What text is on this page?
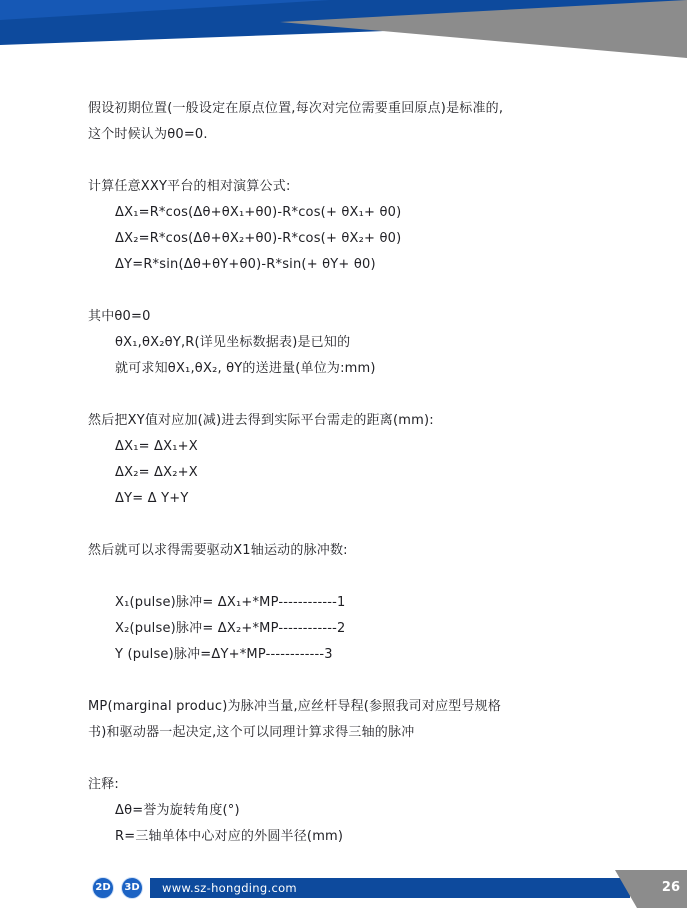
假设初期位置(一般设定在原点位置,每次对完位需要重回原点)是标准的,
这个时候认为θ0=0.
计算任意XXY平台的相对演算公式:
ΔX₁=R*cos(Δθ+θX₁+θ0)-R*cos(+ θX₁+ θ0)
ΔX₂=R*cos(Δθ+θX₂+θ0)-R*cos(+ θX₂+ θ0)
ΔY=R*sin(Δθ+θY+θ0)-R*sin(+ θY+ θ0)
其中θ0=0
θX₁,θX₂θY,R(详见坐标数据表)是已知的
就可求知θX₁,θX₂, θY的送进量(单位为:mm)
然后把XY值对应加(减)进去得到实际平台需走的距离(mm):
ΔX₁= ΔX₁+X
ΔX₂= ΔX₂+X
ΔY= Δ Y+Y
然后就可以求得需要驱动X1轴运动的脉冲数:
X₁(pulse)脉冲= ΔX₁+*MP------------1
X₂(pulse)脉冲= ΔX₂+*MP------------2
Y (pulse)脉冲=ΔY+*MP------------3
MP(marginal produc)为脉冲当量,应丝杆导程(参照我司对应型号规格
书)和驱动器一起决定,这个可以同理计算求得三轴的脉冲
注释:
Δθ=誉为旋转角度(°)
R=三轴单体中心对应的外圆半径(mm)
2D	3D www.sz-hongding.com	26
